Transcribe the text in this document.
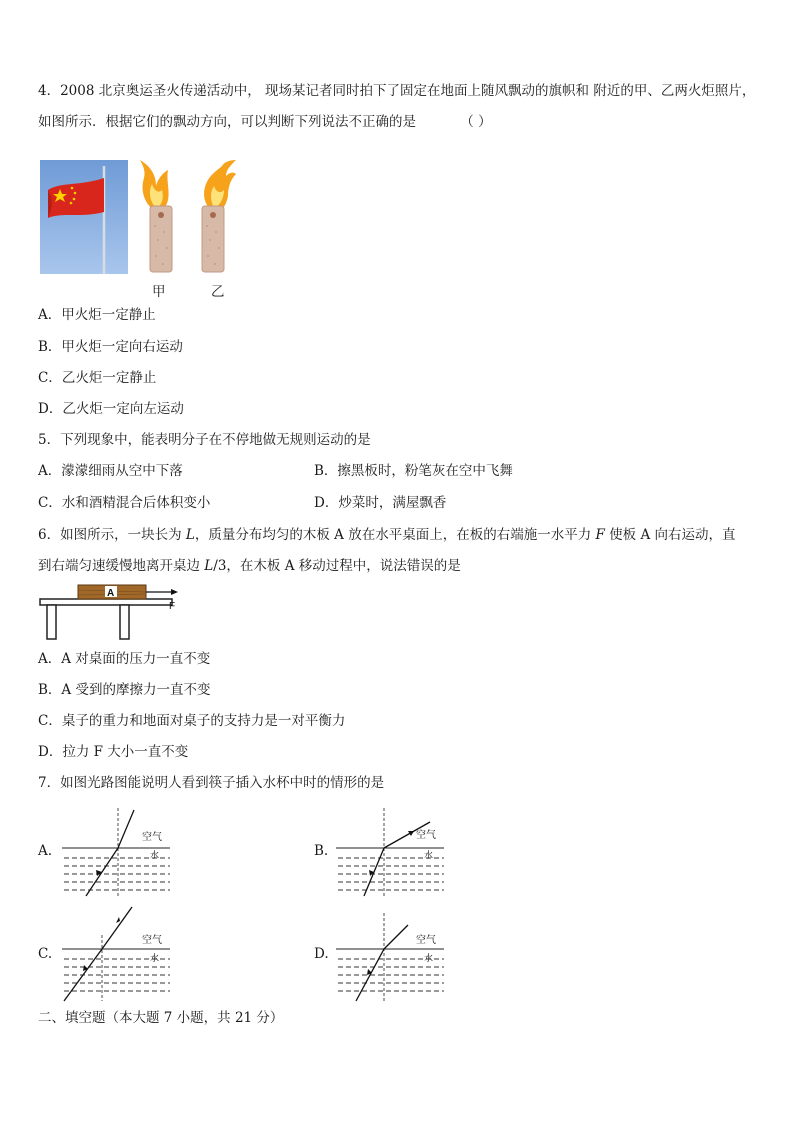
4．2008 北京奥运圣火传递活动中， 现场某记者同时拍下了固定在地面上随风飘动的旗帜和 附近的甲、乙两火炬照片，
如图所示．根据它们的飘动方向，可以判断下列说法不正确的是	（ ）
甲	乙
A．甲火炬一定静止
B．甲火炬一定向右运动
C．乙火炬一定静止
D．乙火炬一定向左运动
5．下列现象中，能表明分子在不停地做无规则运动的是
A．濛濛细雨从空中下落	B．擦黑板时，粉笔灰在空中飞舞
C．水和酒精混合后体积变小	D．炒菜时，满屋飘香
6．如图所示，一块长为 L，质量分布均匀的木板 A 放在水平桌面上，在板的右端施一水平力 F 使板 A 向右运动，直
到右端匀速缓慢地离开桌边 L/3，在木板 A 移动过程中，说法错误的是
A
F
A．A 对桌面的压力一直不变
B．A 受到的摩擦力一直不变
C．桌子的重力和地面对桌子的支持力是一对平衡力
D．拉力 F 大小一直不变
7．如图光路图能说明人看到筷子插入水杯中时的情形的是
A.	B.
C.	D.
空气
水
空气
水
空气
水
空气
水
二、填空题（本大题 7 小题，共 21 分）
